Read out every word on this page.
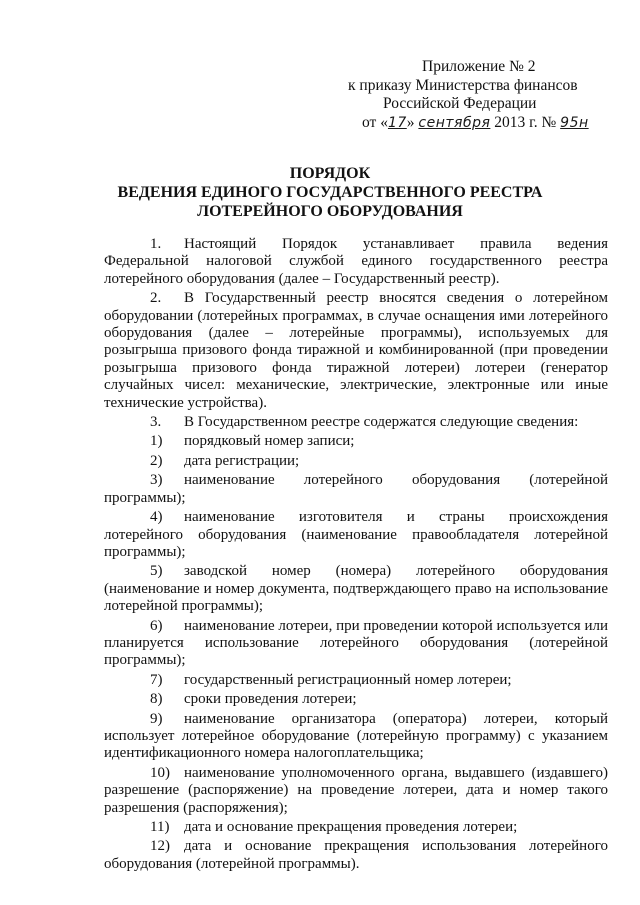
Приложение № 2
к приказу Министерства финансов
Российской Федерации
от «17» сентября 2013 г. № 95н
ПОРЯДОК
ВЕДЕНИЯ ЕДИНОГО ГОСУДАРСТВЕННОГО РЕЕСТРА
ЛОТЕРЕЙНОГО ОБОРУДОВАНИЯ

1. Настоящий Порядок устанавливает правила ведения Федеральной налоговой службой единого государственного реестра лотерейного оборудования (далее – Государственный реестр).

2. В Государственный реестр вносятся сведения о лотерейном оборудовании (лотерейных программах, в случае оснащения ими лотерейного оборудования (далее – лотерейные программы), используемых для розыгрыша призового фонда тиражной и комбинированной (при проведении розыгрыша призового фонда тиражной лотереи) лотереи (генератор случайных чисел: механические, электрические, электронные или иные технические устройства).

3. В Государственном реестре содержатся следующие сведения:

1) порядковый номер записи;

2) дата регистрации;

3) наименование лотерейного оборудования (лотерейной программы);

4) наименование изготовителя и страны происхождения лотерейного оборудования (наименование правообладателя лотерейной программы);

5) заводской номер (номера) лотерейного оборудования (наименование и номер документа, подтверждающего право на использование лотерейной программы);

6) наименование лотереи, при проведении которой используется или планируется использование лотерейного оборудования (лотерейной программы);

7) государственный регистрационный номер лотереи;

8) сроки проведения лотереи;

9) наименование организатора (оператора) лотереи, который использует лотерейное оборудование (лотерейную программу) с указанием идентификационного номера налогоплательщика;

10) наименование уполномоченного органа, выдавшего (издавшего) разрешение (распоряжение) на проведение лотереи, дата и номер такого разрешения (распоряжения);

11) дата и основание прекращения проведения лотереи;

12) дата и основание прекращения использования лотерейного оборудования (лотерейной программы).
